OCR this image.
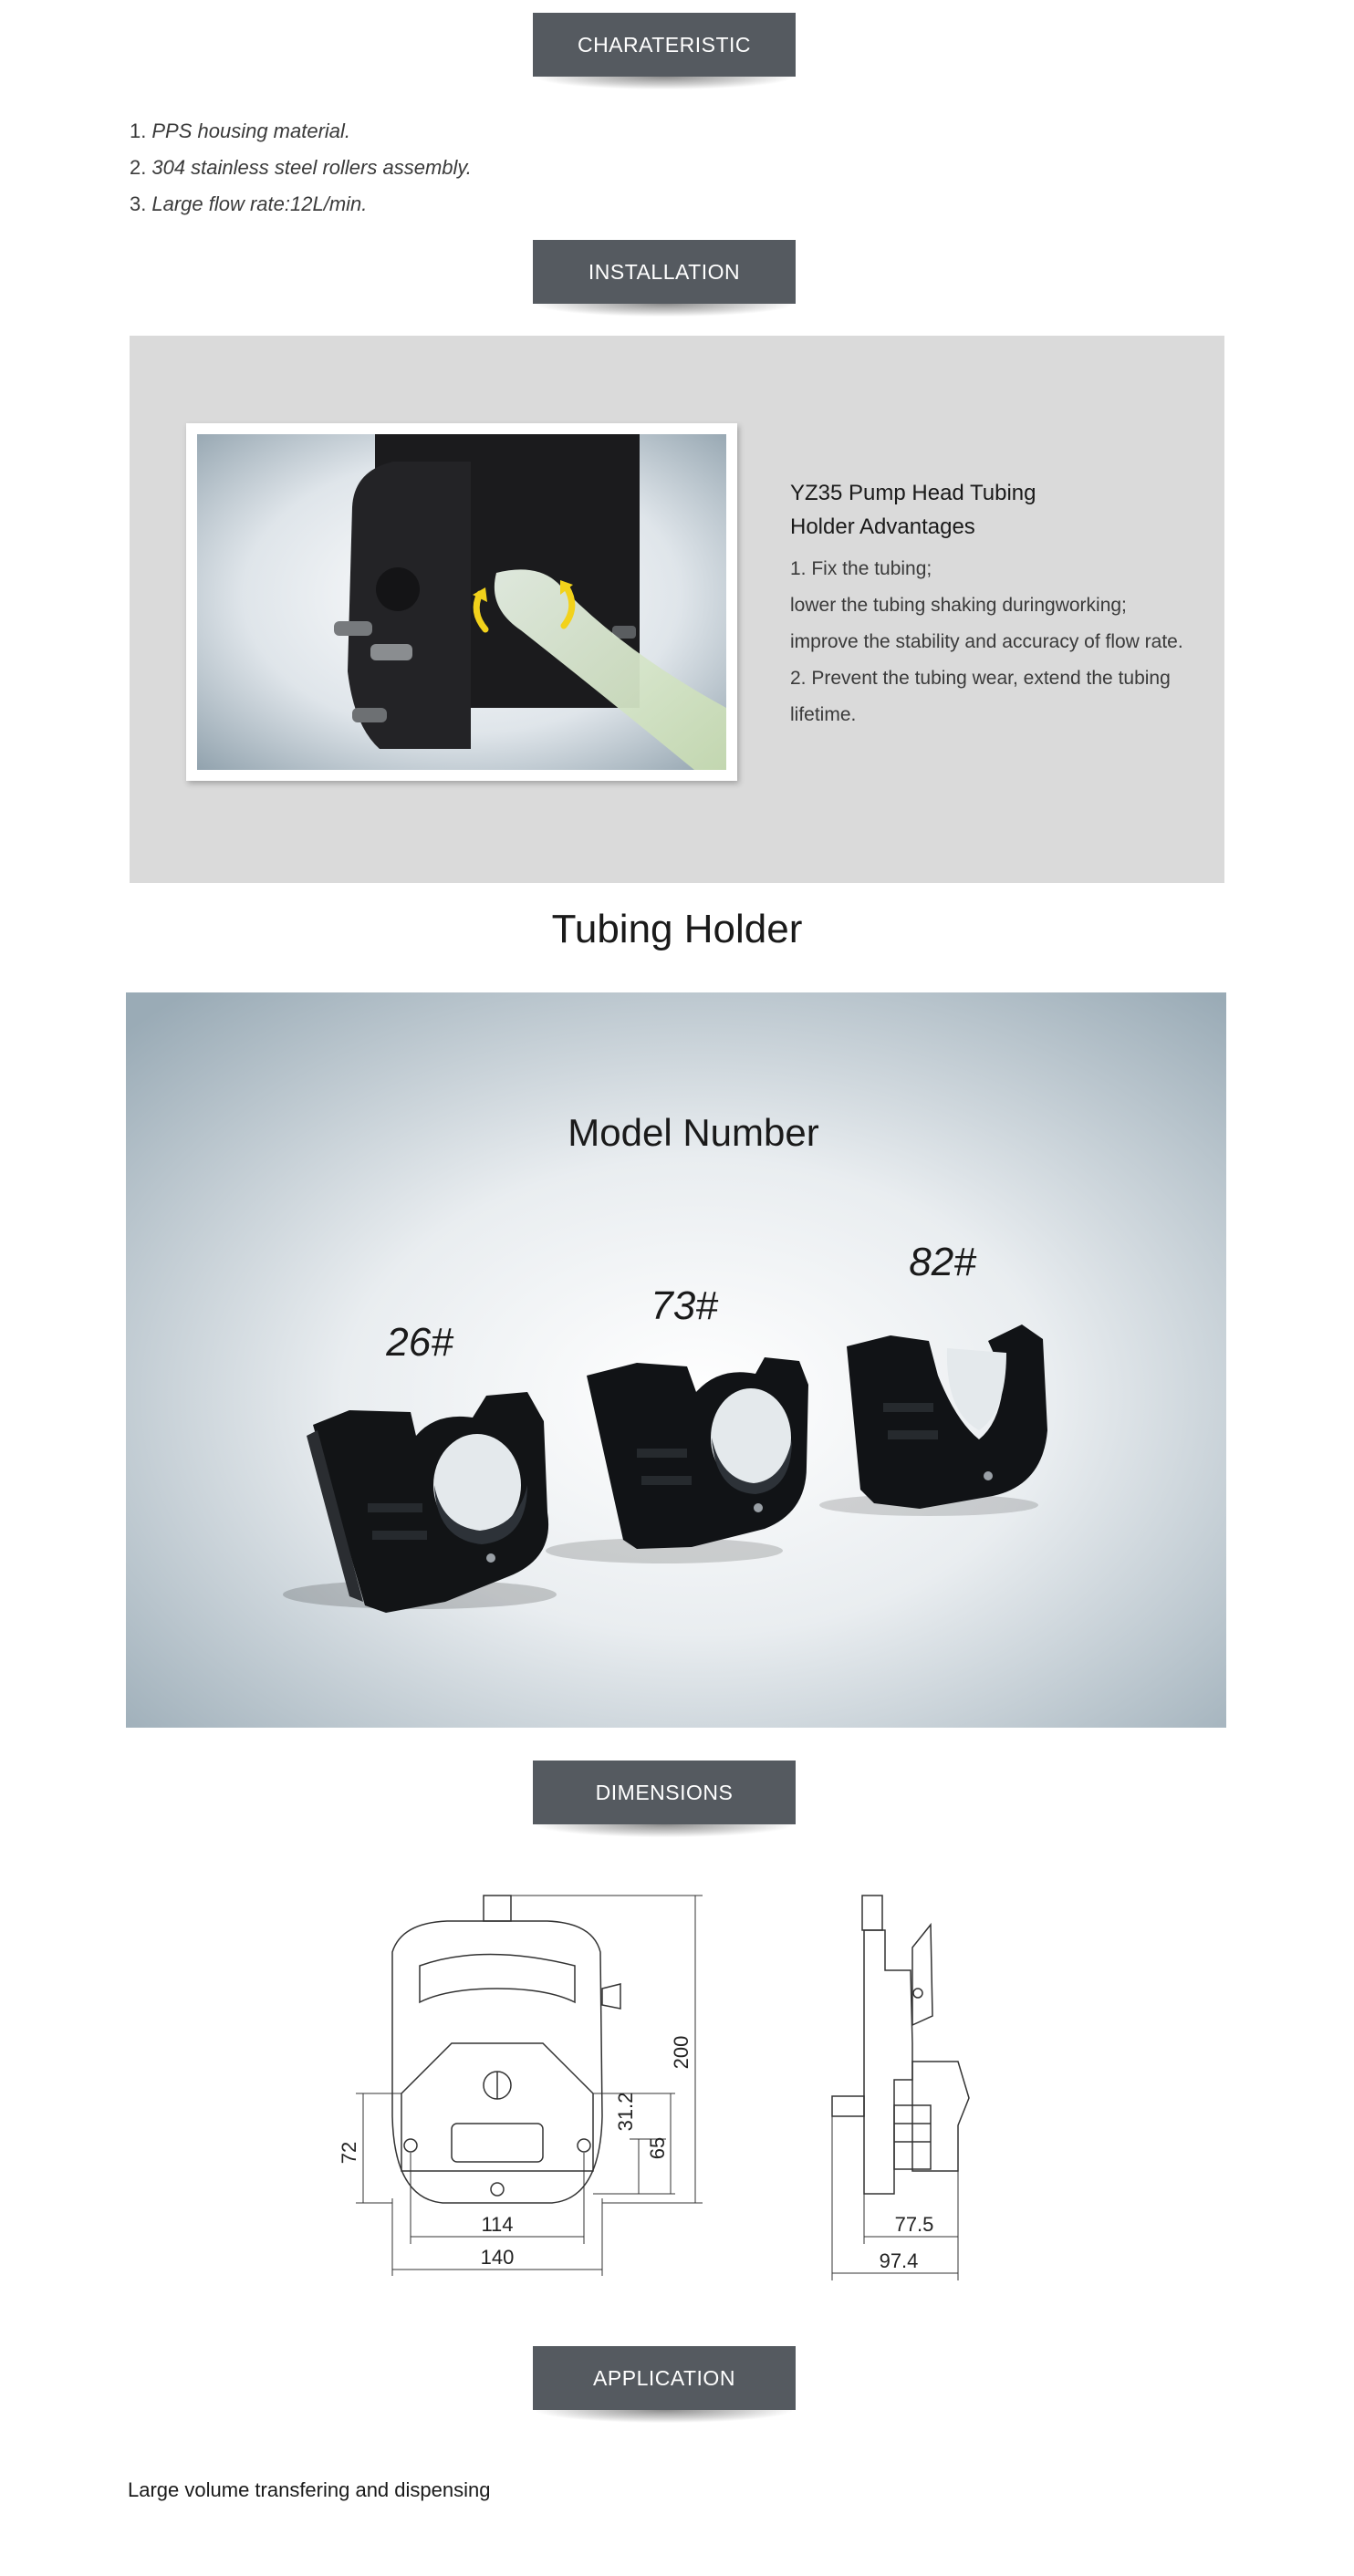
CHARATERISTIC
1. PPS housing material.
2. 304 stainless steel rollers assembly.
3. Large flow rate:12L/min.
INSTALLATION
YZ35 Pump Head Tubing
Holder Advantages
1. Fix the tubing;
lower the tubing shaking duringworking;
improve the stability and accuracy of flow rate.
2. Prevent the tubing wear, extend the tubing
lifetime.
Tubing Holder
Model Number
26#
73#
82#
DIMENSIONS
200
72
31.2
65
114
140
77.5
97.4
APPLICATION
Large volume transfering and dispensing
